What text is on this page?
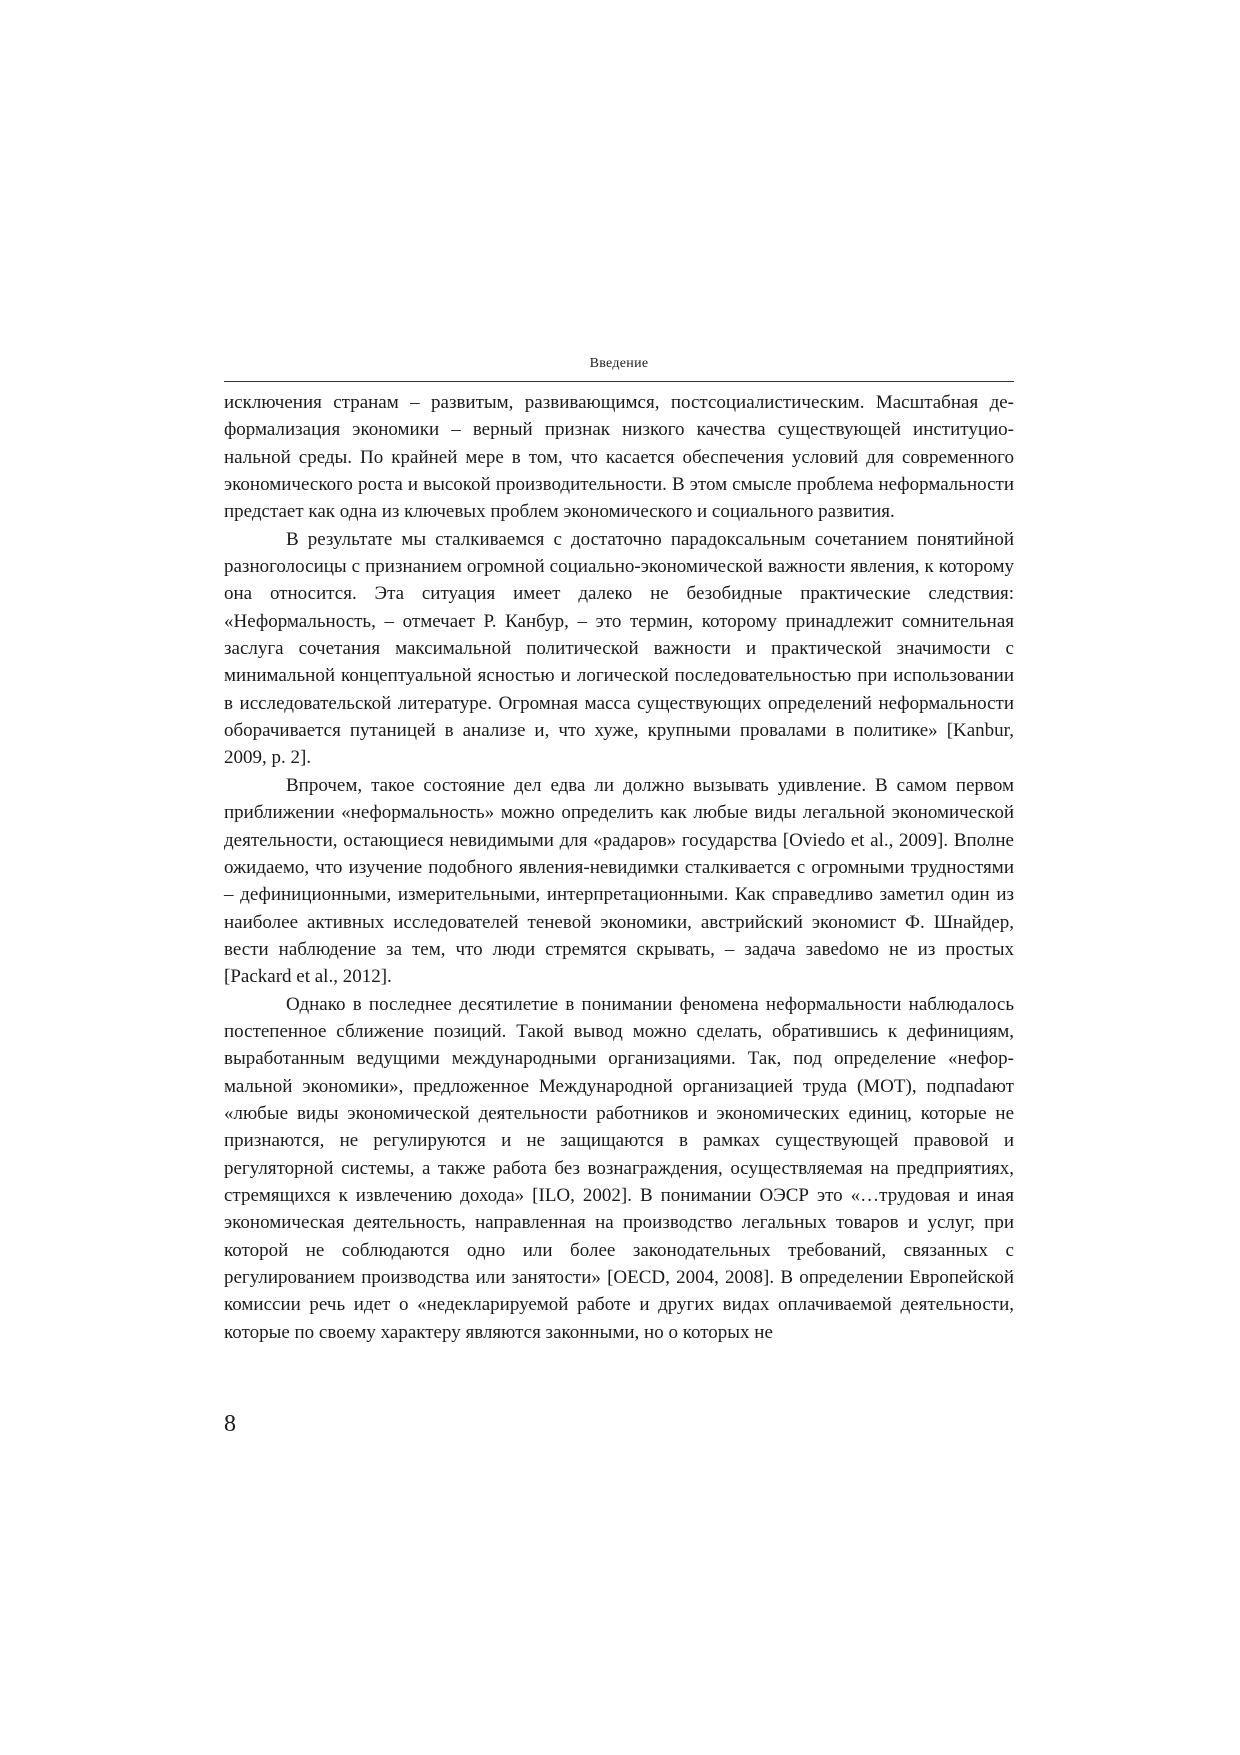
Введение

исключения странам – развитым, развивающимся, постсоциалистическим. Масштабная деформализация экономики – верный признак низкого качества существующей институциональной среды. По крайней мере в том, что касается обеспечения условий для современного экономического роста и высокой производительности. В этом смысле проблема неформальности предстает как одна из ключевых проблем экономического и социального развития.

В результате мы сталкиваемся с достаточно парадоксальным сочетанием понятийной разноголосицы с признанием огромной социально-экономической важности явления, к которому она относится. Эта ситуация имеет далеко не безобидные практические следствия: «Неформальность, – отмечает Р. Канбур, – это термин, которому принадлежит сомнительная заслуга сочетания максимальной политической важности и практической значимости с минимальной концептуальной ясностью и логической последовательностью при использовании в исследовательской литературе. Огромная масса существующих определений неформальности оборачивается путаницей в анализе и, что хуже, крупными провалами в политике» [Kanbur, 2009, p. 2].

Впрочем, такое состояние дел едва ли должно вызывать удивление. В самом первом приближении «неформальность» можно определить как любые виды легальной экономической деятельности, остающиеся невидимыми для «радаров» государства [Oviedo et al., 2009]. Вполне ожидаемо, что изучение подобного явления-невидимки сталкивается с огромными трудностями – дефиниционными, измерительными, интерпретационными. Как справедливо заметил один из наиболее активных исследователей теневой экономики, австрийский экономист Ф. Шнайдер, вести наблюдение за тем, что люди стремятся скрывать, – задача завеdомо не из простых [Packard et al., 2012].

Однако в последнее десятилетие в понимании феномена неформальности наблюдалось постепенное сближение позиций. Такой вывод можно сделать, обратившись к дефинициям, выработанным ведущими международными организациями. Так, под определение «неформальной экономики», предложенное Международной организацией труда (МОТ), подпаdают «любые виды экономической деятельности работников и экономических единиц, которые не признаются, не регулируются и не защищаются в рамках существующей правовой и регуляторной системы, а также работа без вознаграждения, осуществляемая на предприятиях, стремящихся к извлечению дохода» [ILO, 2002]. В понимании ОЭСР это «…трудовая и иная экономическая деятельность, направленная на производство легальных товаров и услуг, при которой не соблюдаются одно или более законодательных требований, связанных с регулированием производства или занятости» [OECD, 2004, 2008]. В определении Европейской комиссии речь идет о «недекларируемой работе и других видах оплачиваемой деятельности, которые по своему характеру являются законными, но о которых не

8
